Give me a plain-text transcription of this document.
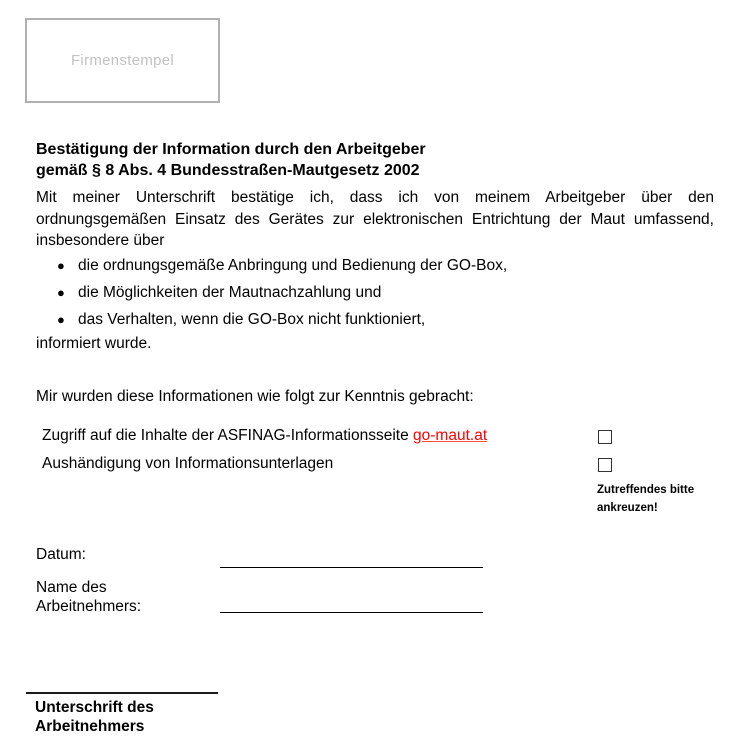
Firmenstempel
Bestätigung der Information durch den Arbeitgeber
gemäß § 8 Abs. 4 Bundesstraßen-Mautgesetz 2002
Mit meiner Unterschrift bestätige ich, dass ich von meinem Arbeitgeber über den
ordnungsgemäßen Einsatz des Gerätes zur elektronischen Entrichtung der Maut umfassend,
insbesondere über
● die ordnungsgemäße Anbringung und Bedienung der GO-Box,
● die Möglichkeiten der Mautnachzahlung und
● das Verhalten, wenn die GO-Box nicht funktioniert,
informiert wurde.
Mir wurden diese Informationen wie folgt zur Kenntnis gebracht:
Zugriff auf die Inhalte der ASFINAG-Informationsseite go-maut.at
Aushändigung von Informationsunterlagen
Zutreffendes bitte ankreuzen!
Datum:
Name des Arbeitnehmers:
Unterschrift des Arbeitnehmers
